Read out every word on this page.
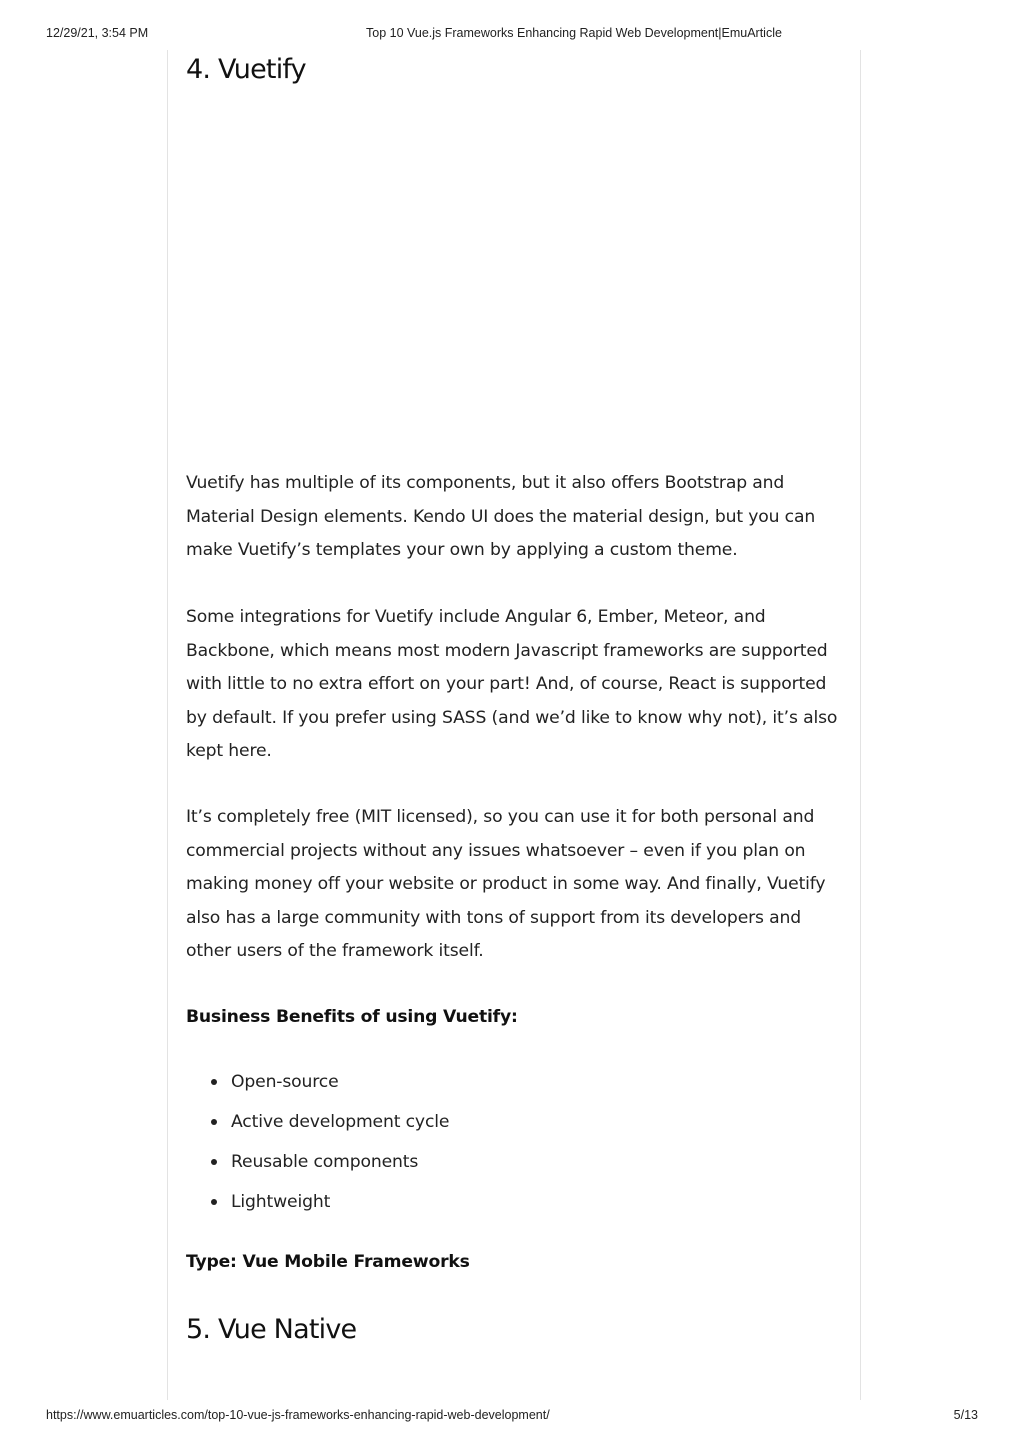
12/29/21, 3:54 PM	Top 10 Vue.js Frameworks Enhancing Rapid Web Development|EmuArticle
4. Vuetify

Vuetify has multiple of its components, but it also offers Bootstrap and Material Design elements. Kendo UI does the material design, but you can make Vuetify’s templates your own by applying a custom theme.

Some integrations for Vuetify include Angular 6, Ember, Meteor, and Backbone, which means most modern Javascript frameworks are supported with little to no extra effort on your part! And, of course, React is supported by default. If you prefer using SASS (and we’d like to know why not), it’s also kept here.

It’s completely free (MIT licensed), so you can use it for both personal and commercial projects without any issues whatsoever – even if you plan on making money off your website or product in some way. And finally, Vuetify also has a large community with tons of support from its developers and other users of the framework itself.

Business Benefits of using Vuetify:

Open-source
Active development cycle
Reusable components
Lightweight

Type: Vue Mobile Frameworks

5. Vue Native
https://www.emuarticles.com/top-10-vue-js-frameworks-enhancing-rapid-web-development/	5/13
